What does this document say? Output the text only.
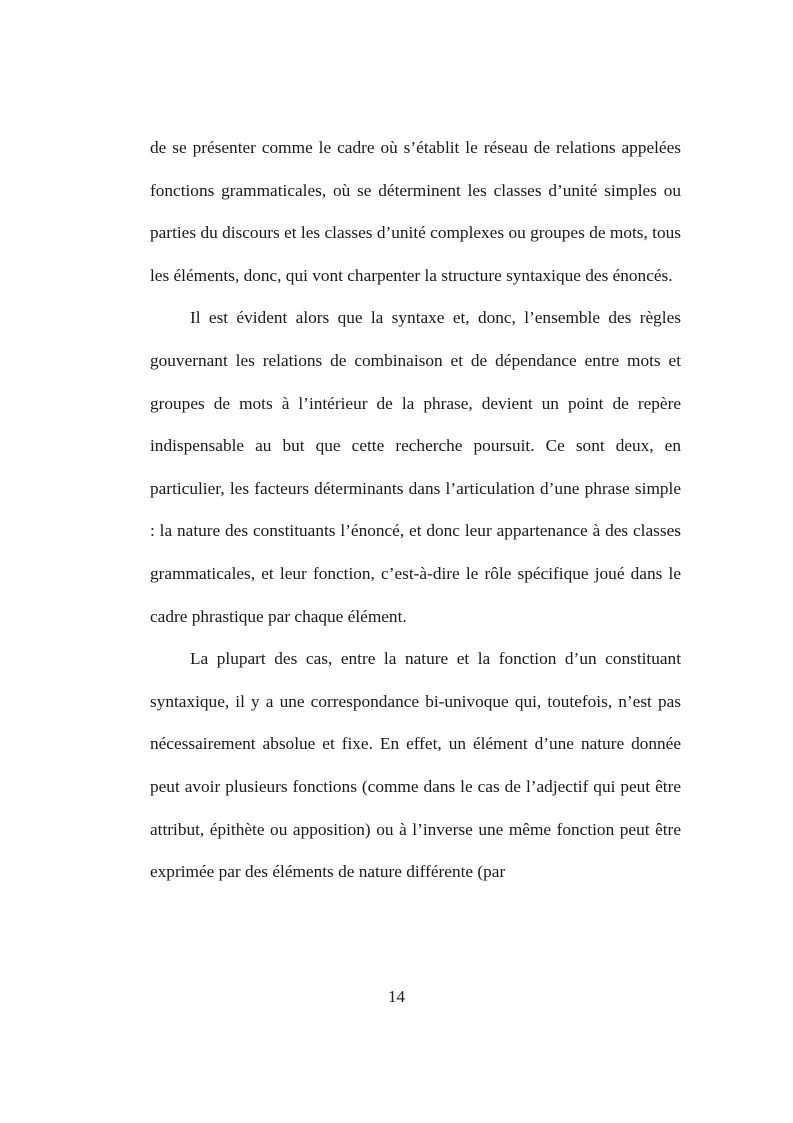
de se présenter comme le cadre où s’établit le réseau de relations appelées fonctions grammaticales, où se déterminent les classes d’unité simples ou parties du discours et les classes d’unité complexes ou groupes de mots, tous les éléments, donc, qui vont charpenter la structure syntaxique des énoncés.

Il est évident alors que la syntaxe et, donc, l’ensemble des règles gouvernant les relations de combinaison et de dépendance entre mots et groupes de mots à l’intérieur de la phrase, devient un point de repère indispensable au but que cette recherche poursuit. Ce sont deux, en particulier, les facteurs déterminants dans l’articulation d’une phrase simple : la nature des constituants l’énoncé, et donc leur appartenance à des classes grammaticales, et leur fonction, c’est-à-dire le rôle spécifique joué dans le cadre phrastique par chaque élément.

La plupart des cas, entre la nature et la fonction d’un constituant syntaxique, il y a une correspondance bi-univoque qui, toutefois, n’est pas nécessairement absolue et fixe. En effet, un élément d’une nature donnée peut avoir plusieurs fonctions (comme dans le cas de l’adjectif qui peut être attribut, épithète ou apposition) ou à l’inverse une même fonction peut être exprimée par des éléments de nature différente (par

14
